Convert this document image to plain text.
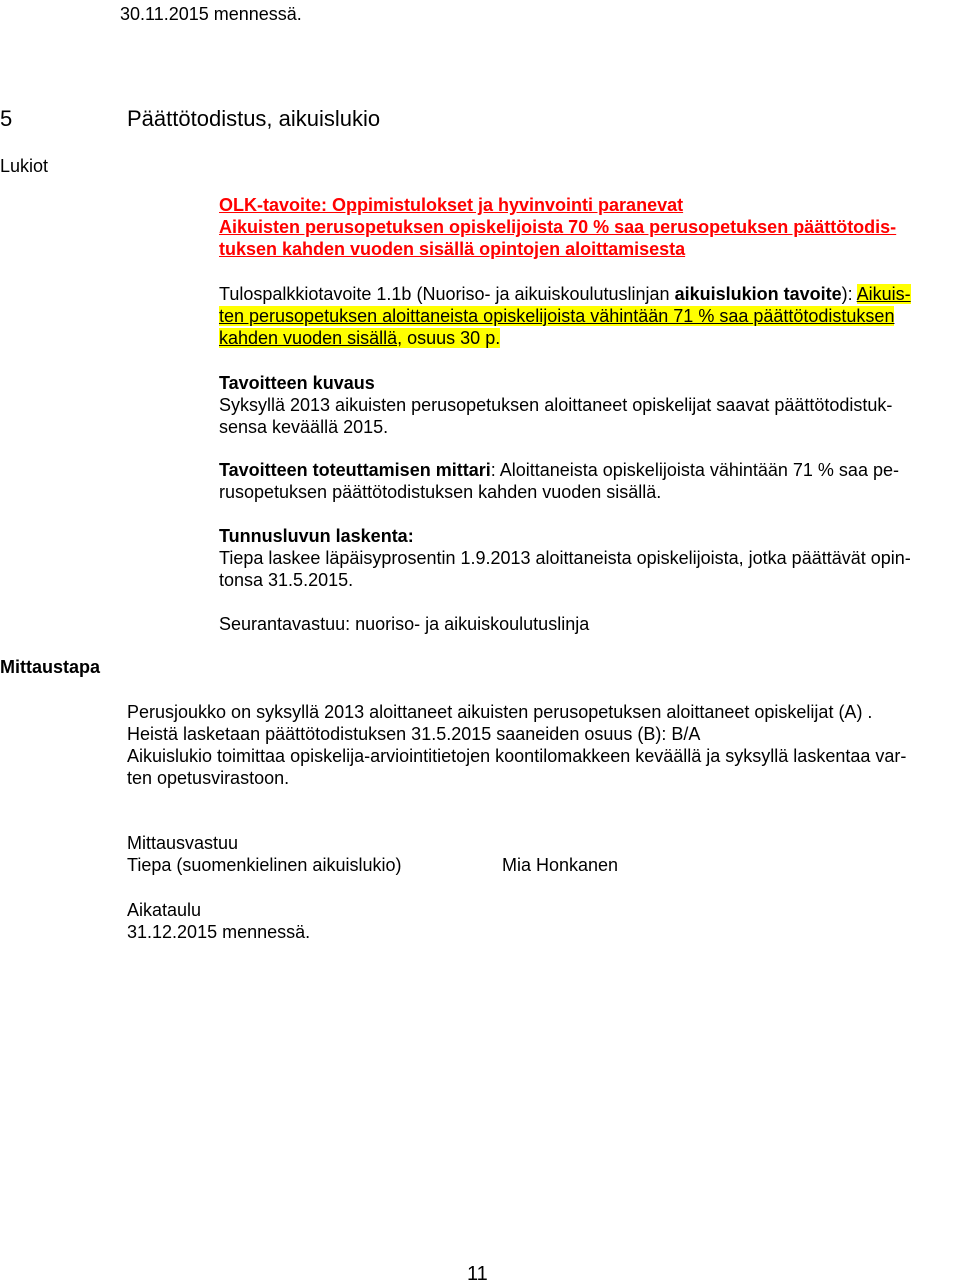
30.11.2015 mennessä.
5	Päättötodistus, aikuislukio
Lukiot
OLK-tavoite: Oppimistulokset ja hyvinvointi paranevat
Aikuisten perusopetuksen opiskelijoista 70 % saa perusopetuksen päättötodis-
tuksen kahden vuoden sisällä opintojen aloittamisesta
Tulospalkkiotavoite 1.1b (Nuoriso- ja aikuiskoulutuslinjan aikuislukion tavoite): Aikuis-
ten perusopetuksen aloittaneista opiskelijoista vähintään 71 % saa päättötodistuksen
kahden vuoden sisällä, osuus 30 p.
Tavoitteen kuvaus
Syksyllä 2013 aikuisten perusopetuksen aloittaneet opiskelijat saavat päättötodistuk-
sensa keväällä 2015.
Tavoitteen toteuttamisen mittari: Aloittaneista opiskelijoista vähintään 71 % saa pe-
rusopetuksen päättötodistuksen kahden vuoden sisällä.
Tunnusluvun laskenta:
Tiepa laskee läpäisyprosentin 1.9.2013 aloittaneista opiskelijoista, jotka päättävät opin-
tonsa 31.5.2015.
Seurantavastuu: nuoriso- ja aikuiskoulutuslinja
Mittaustapa
Perusjoukko on syksyllä 2013 aloittaneet aikuisten perusopetuksen aloittaneet opiskelijat (A) .
Heistä lasketaan päättötodistuksen 31.5.2015 saaneiden osuus (B): B/A
Aikuislukio toimittaa opiskelija-arviointitietojen koontilomakkeen keväällä ja syksyllä laskentaa var-
ten opetusvirastoon.
Mittausvastuu
Tiepa (suomenkielinen aikuislukio)	Mia Honkanen
Aikataulu
31.12.2015 mennessä.
11
